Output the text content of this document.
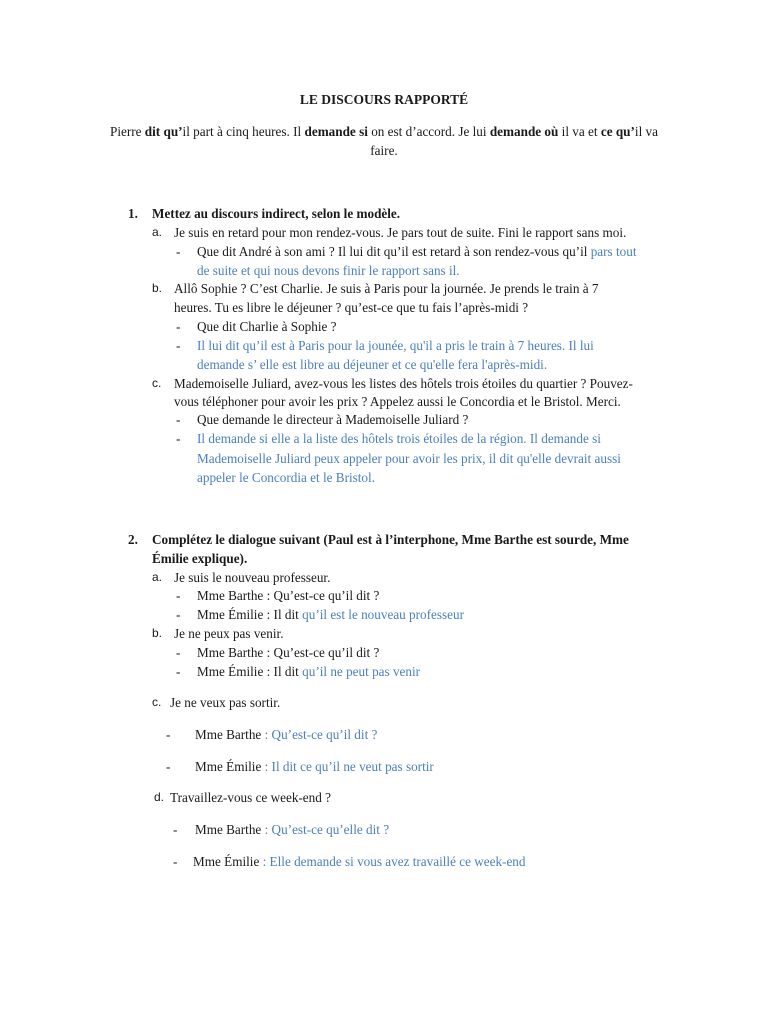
LE DISCOURS RAPPORTÉ
Pierre dit qu’il part à cinq heures. Il demande si on est d’accord. Je lui demande où il va et ce qu’il va faire.
1. Mettez au discours indirect, selon le modèle.
a. Je suis en retard pour mon rendez-vous. Je pars tout de suite. Fini le rapport sans moi.
- Que dit André à son ami ? Il lui dit qu’il est retard à son rendez-vous qu’il pars tout
de suite et qui nous devons finir le rapport sans il.
b. Allô Sophie ? C’est Charlie. Je suis à Paris pour la journée. Je prends le train à 7
heures. Tu es libre le déjeuner ? qu’est-ce que tu fais l’après-midi ?
- Que dit Charlie à Sophie ?
- Il lui dit qu’il est à Paris pour la jounée, qu'il a pris le train à 7 heures. Il lui
demande s’ elle est libre au déjeuner et ce qu'elle fera l'après-midi.
c. Mademoiselle Juliard, avez-vous les listes des hôtels trois étoiles du quartier ? Pouvez-
vous téléphoner pour avoir les prix ? Appelez aussi le Concordia et le Bristol. Merci.
- Que demande le directeur à Mademoiselle Juliard ?
- Il demande si elle a la liste des hôtels trois étoiles de la région. Il demande si
Mademoiselle Juliard peux appeler pour avoir les prix, il dit qu'elle devrait aussi
appeler le Concordia et le Bristol.
2. Complétez le dialogue suivant (Paul est à l’interphone, Mme Barthe est sourde, Mme
Émilie explique).
a. Je suis le nouveau professeur.
- Mme Barthe : Qu’est-ce qu’il dit ?
- Mme Émilie : Il dit qu’il est le nouveau professeur
b. Je ne peux pas venir.
- Mme Barthe : Qu’est-ce qu’il dit ?
- Mme Émilie : Il dit qu’il ne peut pas venir
c. Je ne veux pas sortir.
- Mme Barthe : Qu’est-ce qu’il dit ?
- Mme Émilie : Il dit ce qu’il ne veut pas sortir
d. Travaillez-vous ce week-end ?
- Mme Barthe : Qu’est-ce qu’elle dit ?
- Mme Émilie : Elle demande si vous avez travaillé ce week-end
